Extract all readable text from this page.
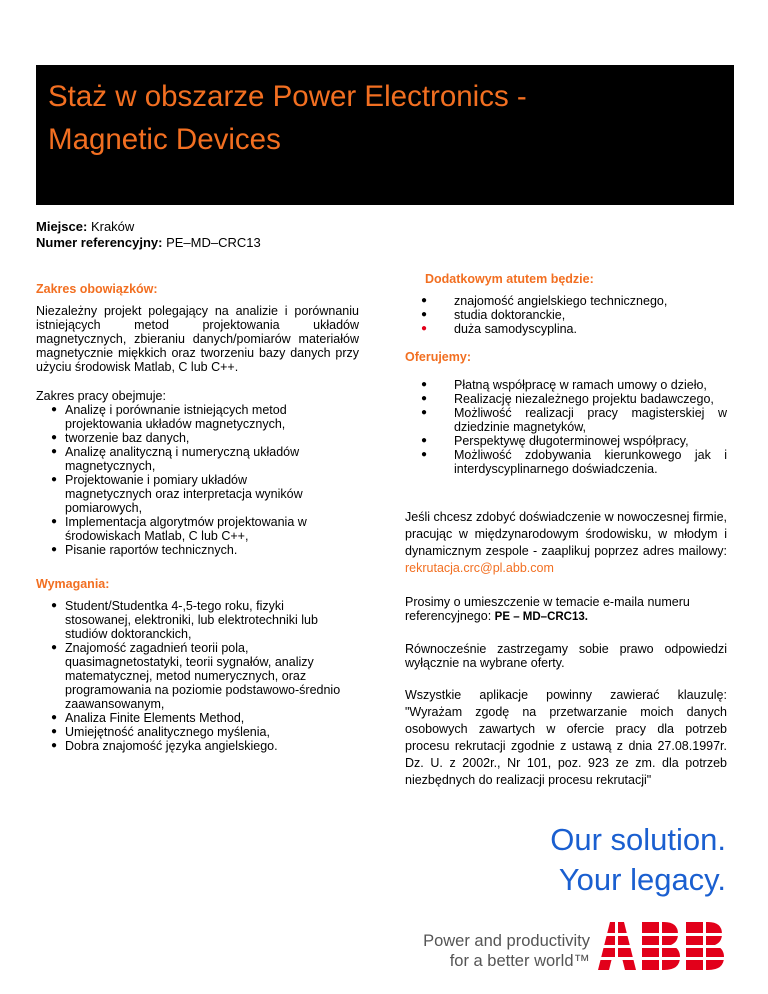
Staż w obszarze Power Electronics -
Magnetic Devices
Miejsce: Kraków
Numer referencyjny: PE–MD–CRC13
Zakres obowiązków:
Niezależny projekt polegający na analizie i porównaniu istniejących metod projektowania układów magnetycznych, zbieraniu danych/pomiarów materiałów magnetycznie miękkich oraz tworzeniu bazy danych przy użyciu środowisk Matlab, C lub C++.
Zakres pracy obejmuje:
● Analizę i porównanie istniejących metod projektowania układów magnetycznych,
● tworzenie baz danych,
● Analizę analityczną i numeryczną układów magnetycznych,
● Projektowanie i pomiary układów magnetycznych oraz interpretacja wyników pomiarowych,
● Implementacja algorytmów projektowania w środowiskach Matlab, C lub C++,
● Pisanie raportów technicznych.
Wymagania:
● Student/Studentka 4-,5-tego roku, fizyki stosowanej, elektroniki, lub elektrotechniki lub studiów doktoranckich,
● Znajomość zagadnień teorii pola, quasimagnetostatyki, teorii sygnałów, analizy matematycznej, metod numerycznych, oraz programowania na poziomie podstawowo-średnio zaawansowanym,
● Analiza Finite Elements Method,
● Umiejętność analitycznego myślenia,
● Dobra znajomość języka angielskiego.
Dodatkowym atutem będzie:
● znajomość angielskiego technicznego,
● studia doktoranckie,
● duża samodyscyplina.
Oferujemy:
● Płatną współpracę w ramach umowy o dzieło,
● Realizację niezależnego projektu badawczego,
● Możliwość realizacji pracy magisterskiej w dziedzinie magnetyków,
● Perspektywę długoterminowej współpracy,
● Możliwość zdobywania kierunkowego jak i interdyscyplinarnego doświadczenia.
Jeśli chcesz zdobyć doświadczenie w nowoczesnej firmie, pracując w międzynarodowym środowisku, w młodym i dynamicznym zespole - zaaplikuj poprzez adres mailowy: rekrutacja.crc@pl.abb.com
Prosimy o umieszczenie w temacie e-maila numeru referencyjnego: PE – MD–CRC13.
Równocześnie zastrzegamy sobie prawo odpowiedzi wyłącznie na wybrane oferty.
Wszystkie aplikacje powinny zawierać klauzulę: "Wyrażam zgodę na przetwarzanie moich danych osobowych zawartych w ofercie pracy dla potrzeb procesu rekrutacji zgodnie z ustawą z dnia 27.08.1997r. Dz. U. z 2002r., Nr 101, poz. 923 ze zm. dla potrzeb niezbędnych do realizacji procesu rekrutacji"
Our solution.
Your legacy.
Power and productivity
for a better world™
